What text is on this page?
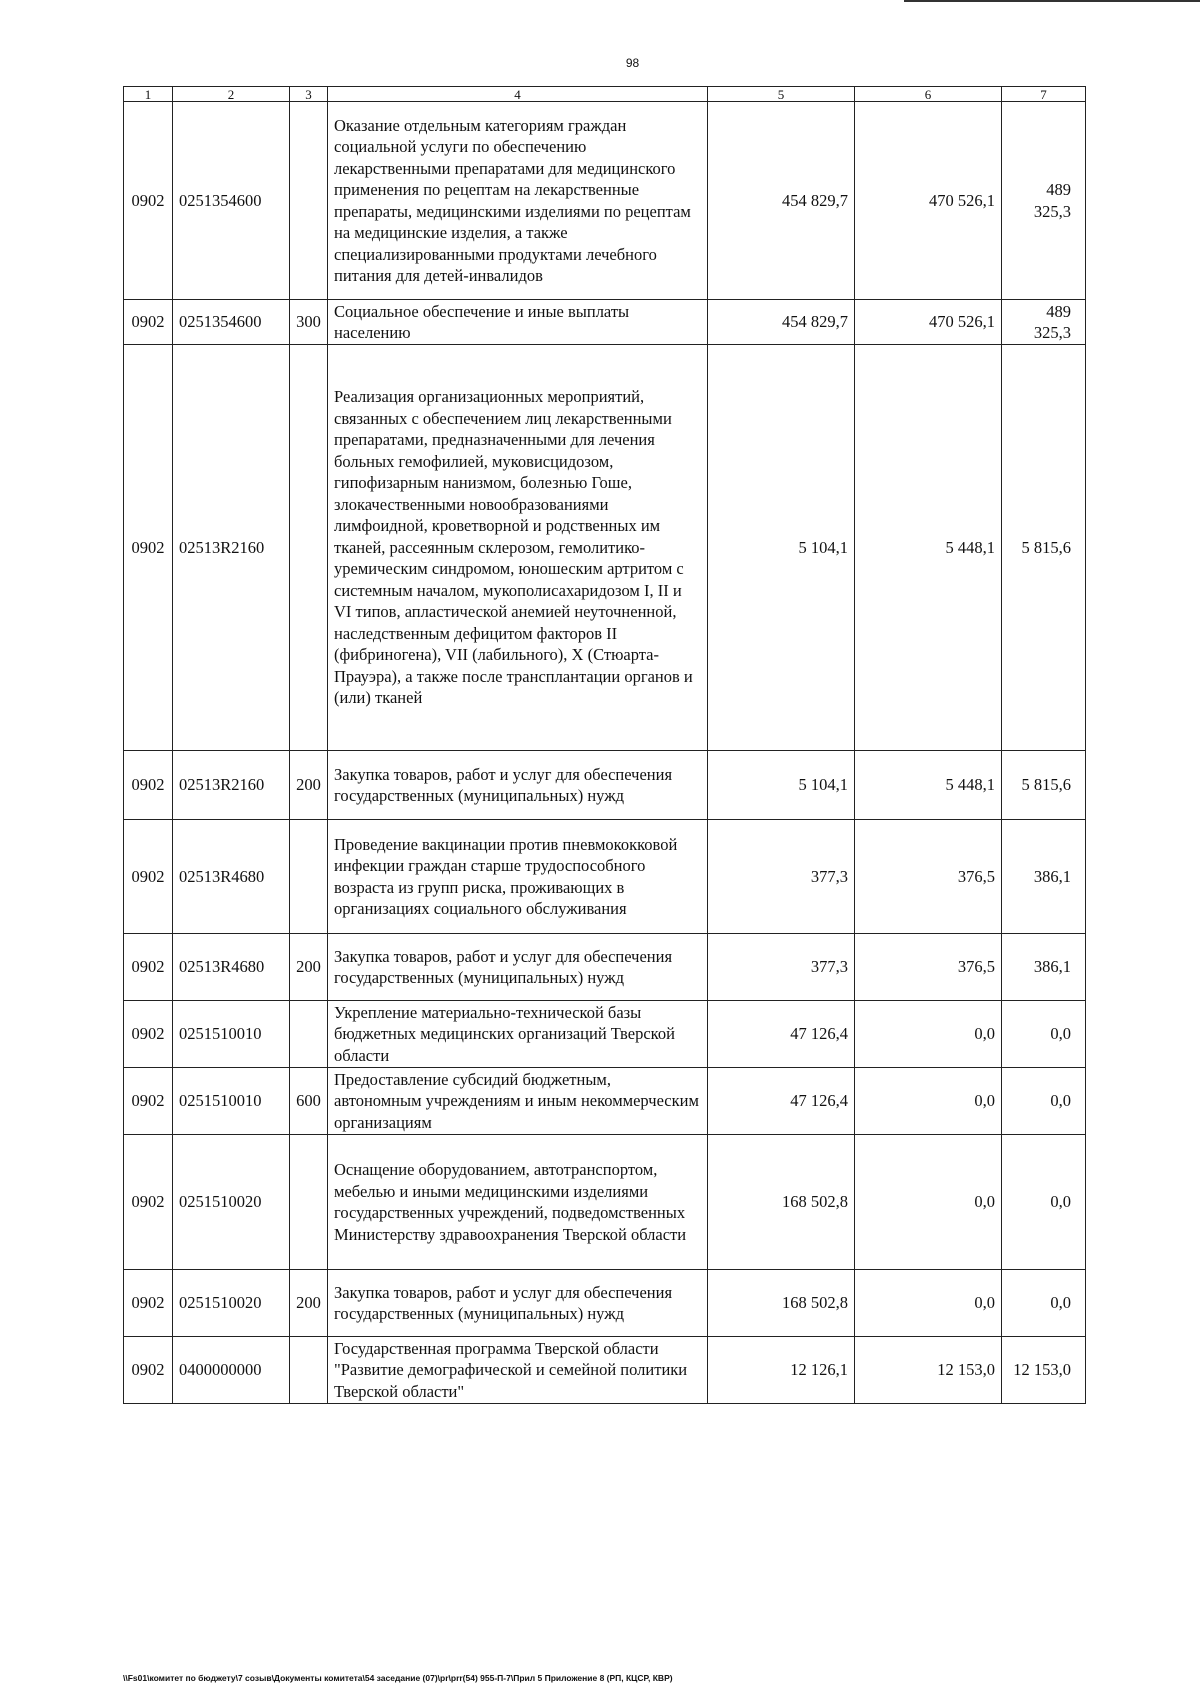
98
1	2	3	4	5	6	7
0902	0251354600		Оказание отдельным категориям граждан социальной услуги по обеспечению лекарственными препаратами для медицинского применения по рецептам на лекарственные препараты, медицинскими изделиями по рецептам на медицинские изделия, а также специализированными продуктами лечебного питания для детей-инвалидов	454 829,7	470 526,1	489 325,3
0902	0251354600	300	Социальное обеспечение и иные выплаты населению	454 829,7	470 526,1	489 325,3
0902	02513R2160		Реализация организационных мероприятий, связанных с обеспечением лиц лекарственными препаратами, предназначенными для лечения больных гемофилией, муковисцидозом, гипофизарным нанизмом, болезнью Гоше, злокачественными новообразованиями лимфоидной, кроветворной и родственных им тканей, рассеянным склерозом, гемолитико-уремическим синдромом, юношеским артритом с системным началом, мукополисахаридозом I, II и VI типов, апластической анемией неуточненной, наследственным дефицитом факторов II (фибриногена), VII (лабильного), X (Стюарта-Прауэра), а также после трансплантации органов и (или) тканей	5 104,1	5 448,1	5 815,6
0902	02513R2160	200	Закупка товаров, работ и услуг для обеспечения государственных (муниципальных) нужд	5 104,1	5 448,1	5 815,6
0902	02513R4680		Проведение вакцинации против пневмококковой инфекции граждан старше трудоспособного возраста из групп риска, проживающих в организациях социального обслуживания	377,3	376,5	386,1
0902	02513R4680	200	Закупка товаров, работ и услуг для обеспечения государственных (муниципальных) нужд	377,3	376,5	386,1
0902	0251510010		Укрепление материально-технической базы бюджетных медицинских организаций Тверской области	47 126,4	0,0	0,0
0902	0251510010	600	Предоставление субсидий бюджетным, автономным учреждениям и иным некоммерческим организациям	47 126,4	0,0	0,0
0902	0251510020		Оснащение оборудованием, автотранспортом, мебелью и иными медицинскими изделиями государственных учреждений, подведомственных Министерству здравоохранения Тверской области	168 502,8	0,0	0,0
0902	0251510020	200	Закупка товаров, работ и услуг для обеспечения государственных (муниципальных) нужд	168 502,8	0,0	0,0
0902	0400000000		Государственная программа Тверской области "Развитие демографической и семейной политики Тверской области"	12 126,1	12 153,0	12 153,0
\\Fs01\комитет по бюджету\7 созыв\Документы комитета\54 заседание (07)\pr\prr(54) 955-П-7\Прил 5 Приложение 8 (РП, КЦСР, КВР)
